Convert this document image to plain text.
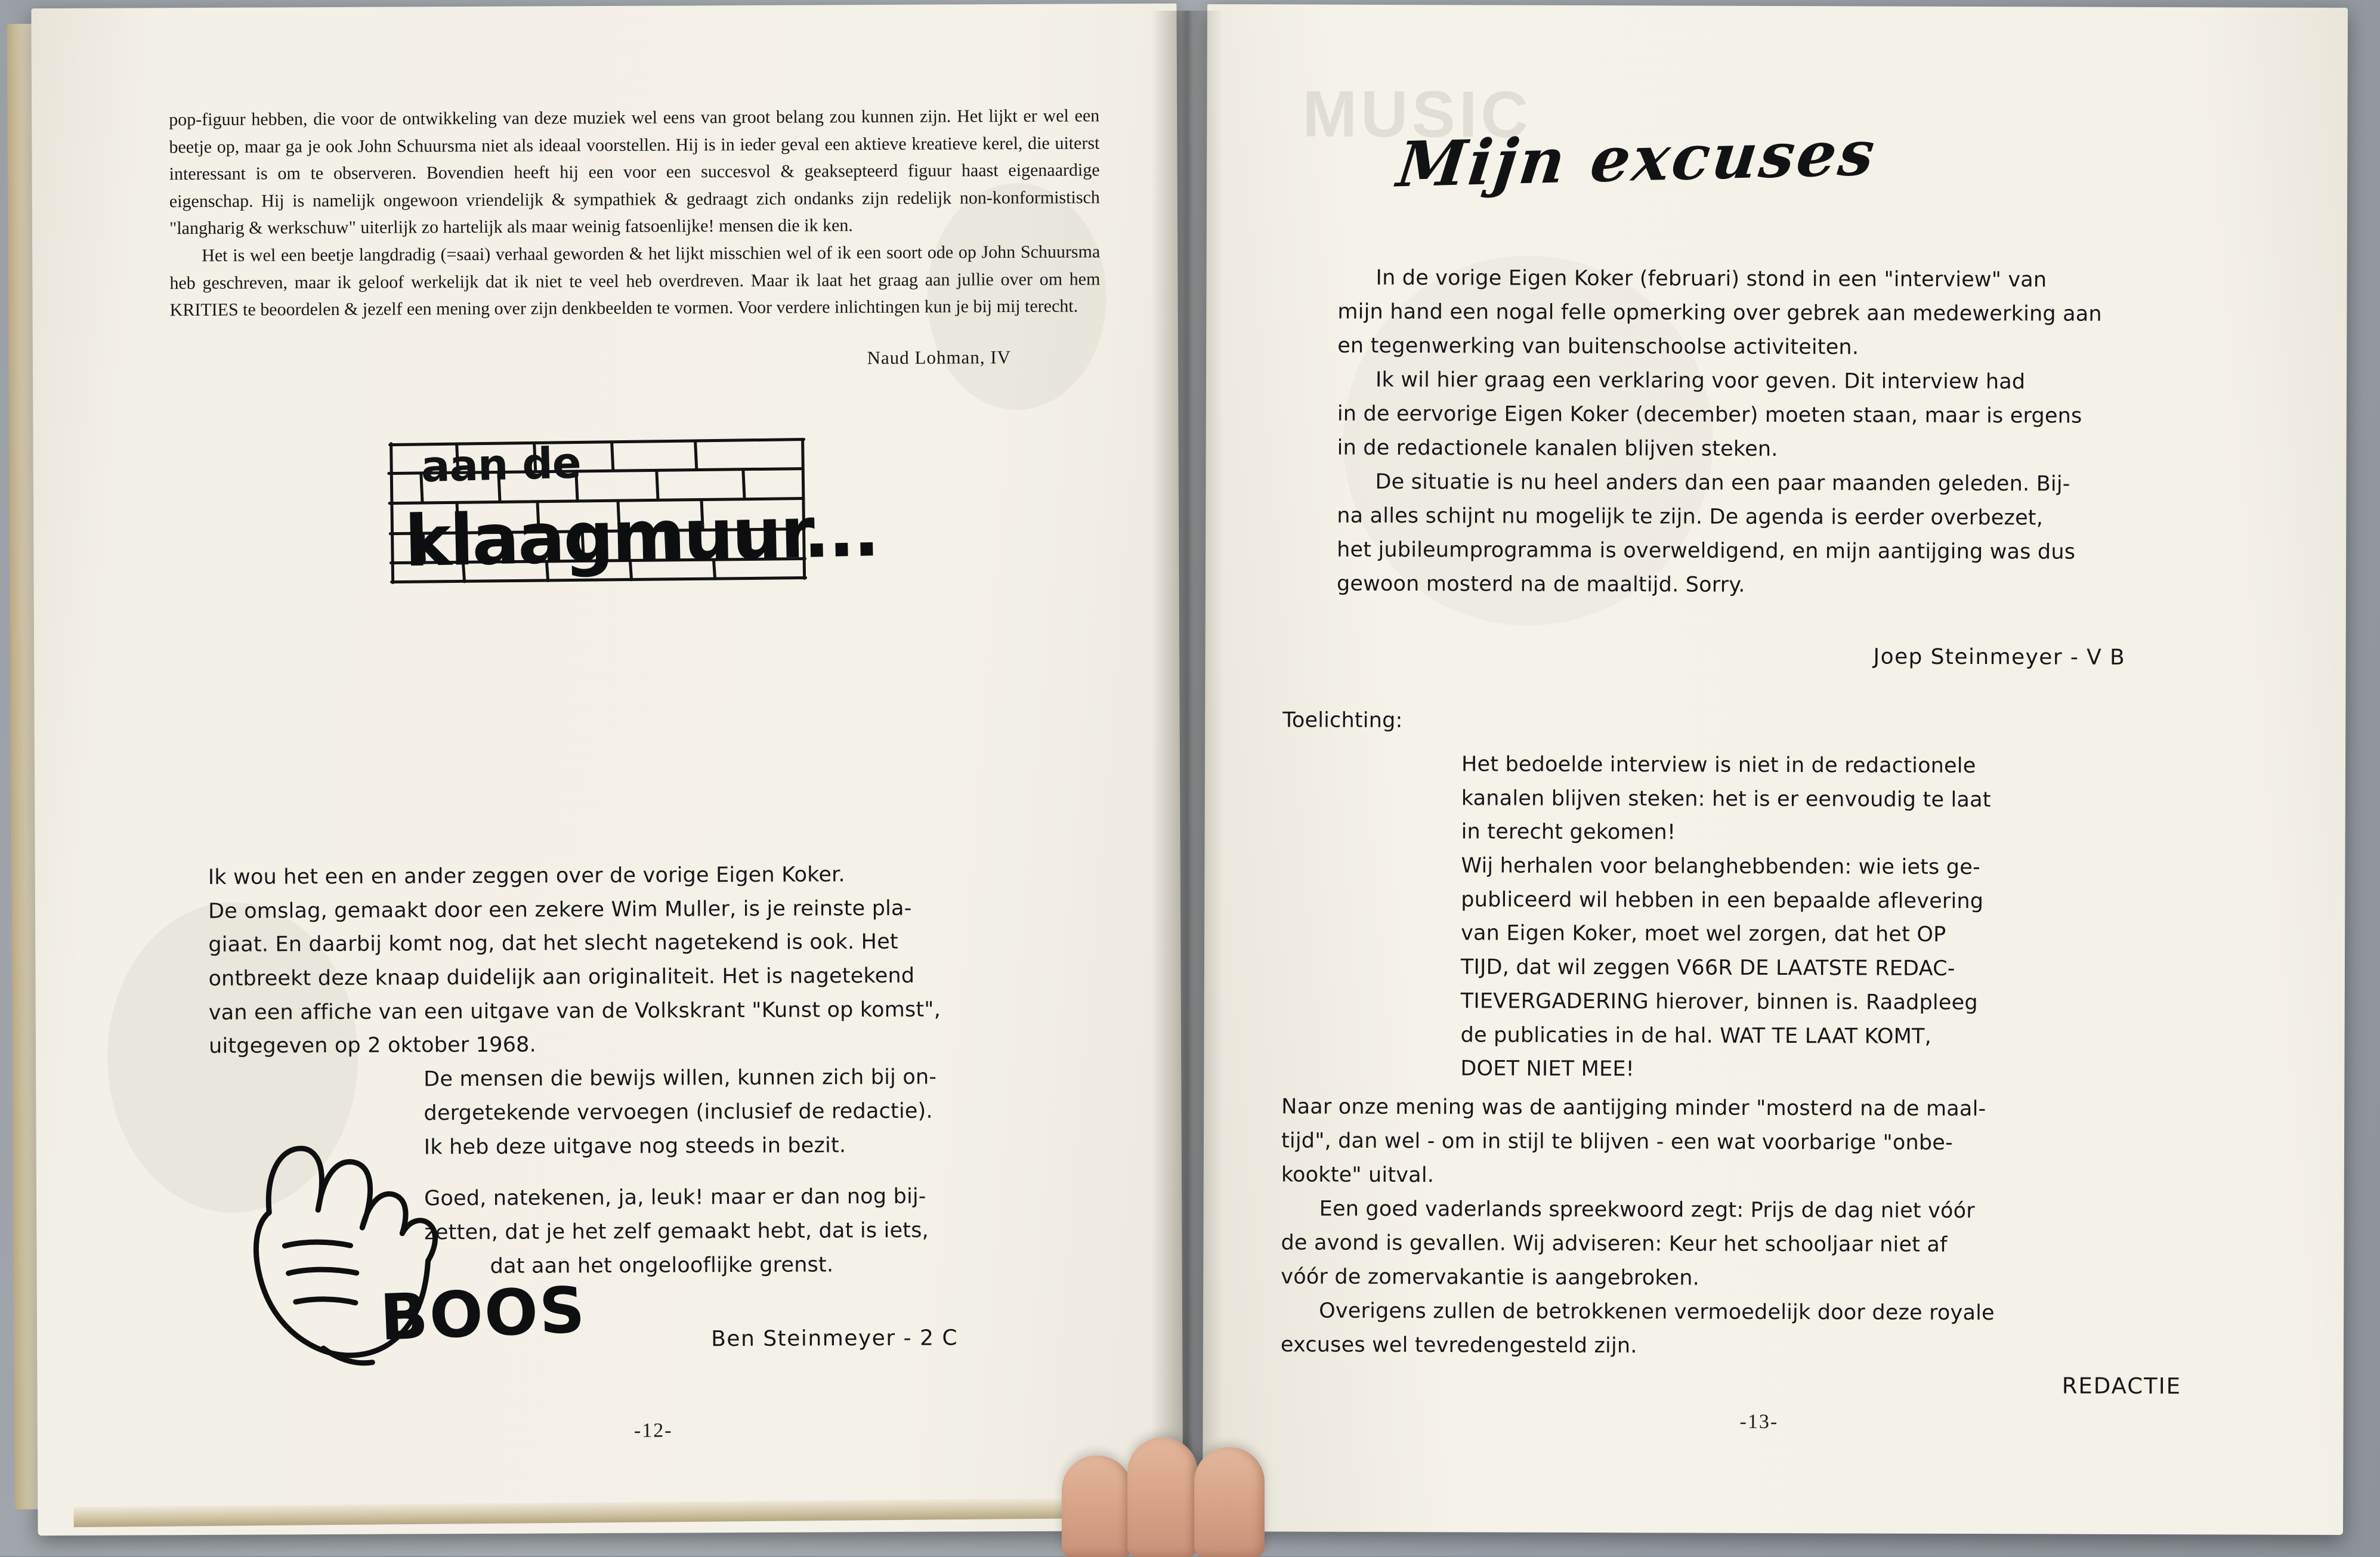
pop-figuur hebben, die voor de ontwikkeling van deze muziek wel eens van groot belang zou kunnen zijn. Het lijkt er wel een beetje op, maar ga je ook John Schuursma niet als ideaal voorstellen. Hij is in ieder geval een aktieve kreatieve kerel, die uiterst interessant is om te observeren. Bovendien heeft hij een voor een succesvol & geaksepteerd figuur haast eigenaardige eigenschap. Hij is namelijk ongewoon vriendelijk & sympathiek & gedraagt zich ondanks zijn redelijk non-konformistisch "langharig & werkschuw" uiterlijk zo hartelijk als maar weinig fatsoenlijke! mensen die ik ken.

Het is wel een beetje langdradig (=saai) verhaal geworden & het lijkt misschien wel of ik een soort ode op John Schuursma heb geschreven, maar ik geloof werkelijk dat ik niet te veel heb overdreven. Maar ik laat het graag aan jullie over om hem KRITIES te beoordelen & jezelf een mening over zijn denkbeelden te vormen. Voor verdere inlichtingen kun je bij mij terecht.

Naud Lohman, IV
aan de
klaagmuur...

Ik wou het een en ander zeggen over de vorige Eigen Koker.

De omslag, gemaakt door een zekere Wim Muller, is je reinste pla-

giaat. En daarbij komt nog, dat het slecht nagetekend is ook. Het

ontbreekt deze knaap duidelijk aan originaliteit. Het is nagetekend

van een affiche van een uitgave van de Volkskrant "Kunst op komst",

uitgegeven op 2 oktober 1968.

De mensen die bewijs willen, kunnen zich bij on-

dergetekende vervoegen (inclusief de redactie).

Ik heb deze uitgave nog steeds in bezit.

Goed, natekenen, ja, leuk! maar er dan nog bij-

zetten, dat je het zelf gemaakt hebt, dat is iets,

dat aan het ongelooflijke grenst.

Ben Steinmeyer - 2 C
BOOS
-12-
MUSIC
Mijn excuses

In de vorige Eigen Koker (februari) stond in een "interview" van

mijn hand een nogal felle opmerking over gebrek aan medewerking aan

en tegenwerking van buitenschoolse activiteiten.

Ik wil hier graag een verklaring voor geven. Dit interview had

in de eervorige Eigen Koker (december) moeten staan, maar is ergens

in de redactionele kanalen blijven steken.

De situatie is nu heel anders dan een paar maanden geleden. Bij-

na alles schijnt nu mogelijk te zijn. De agenda is eerder overbezet,

het jubileumprogramma is overweldigend, en mijn aantijging was dus

gewoon mosterd na de maaltijd. Sorry.

Joep Steinmeyer - V B
Toelichting:

Het bedoelde interview is niet in de redactionele

kanalen blijven steken: het is er eenvoudig te laat

in terecht gekomen!

Wij herhalen voor belanghebbenden: wie iets ge-

publiceerd wil hebben in een bepaalde aflevering

van Eigen Koker, moet wel zorgen, dat het OP

TIJD, dat wil zeggen V66R DE LAATSTE REDAC-

TIEVERGADERING hierover, binnen is. Raadpleeg

de publicaties in de hal. WAT TE LAAT KOMT,

DOET NIET MEE!

Naar onze mening was de aantijging minder "mosterd na de maal-

tijd", dan wel - om in stijl te blijven - een wat voorbarige "onbe-

kookte" uitval.

Een goed vaderlands spreekwoord zegt: Prijs de dag niet vóór

de avond is gevallen. Wij adviseren: Keur het schooljaar niet af

vóór de zomervakantie is aangebroken.

Overigens zullen de betrokkenen vermoedelijk door deze royale

excuses wel tevredengesteld zijn.

REDACTIE
-13-
